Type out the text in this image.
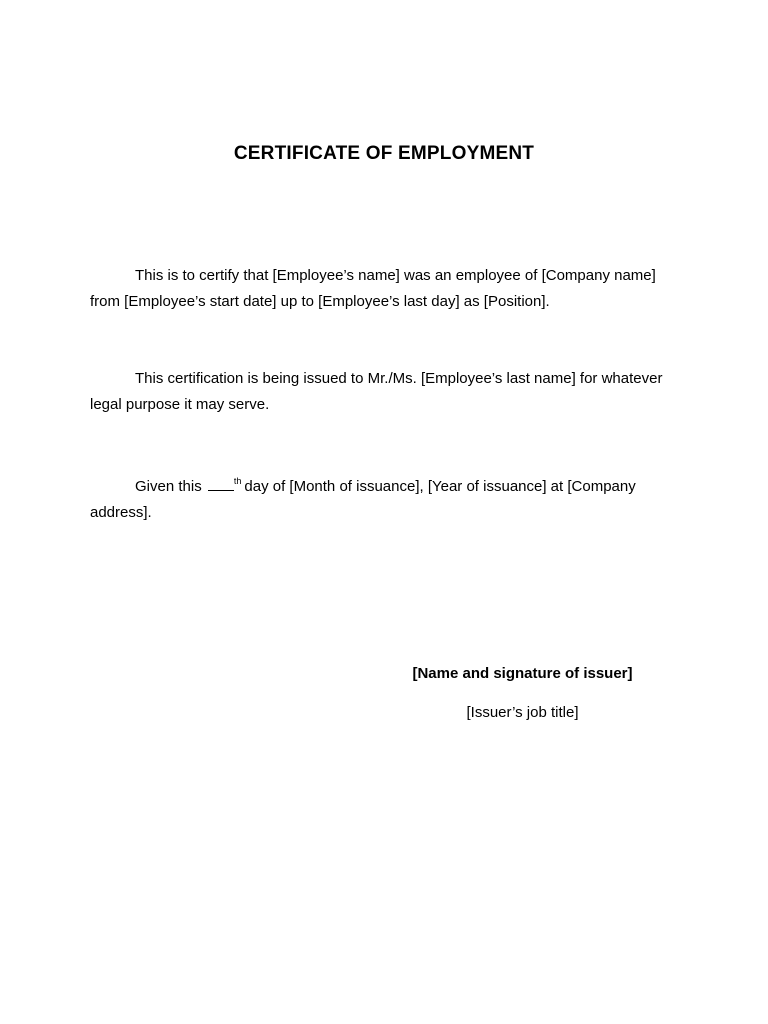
CERTIFICATE OF EMPLOYMENT
This is to certify that [Employee’s name] was an employee of [Company name] from [Employee’s start date] up to [Employee’s last day] as [Position].
This certification is being issued to Mr./Ms. [Employee’s last name] for whatever legal purpose it may serve.
Given this	$^{th}$ day of [Month of issuance], [Year of issuance] at [Company address].
[Name and signature of issuer]
[Issuer’s job title]
